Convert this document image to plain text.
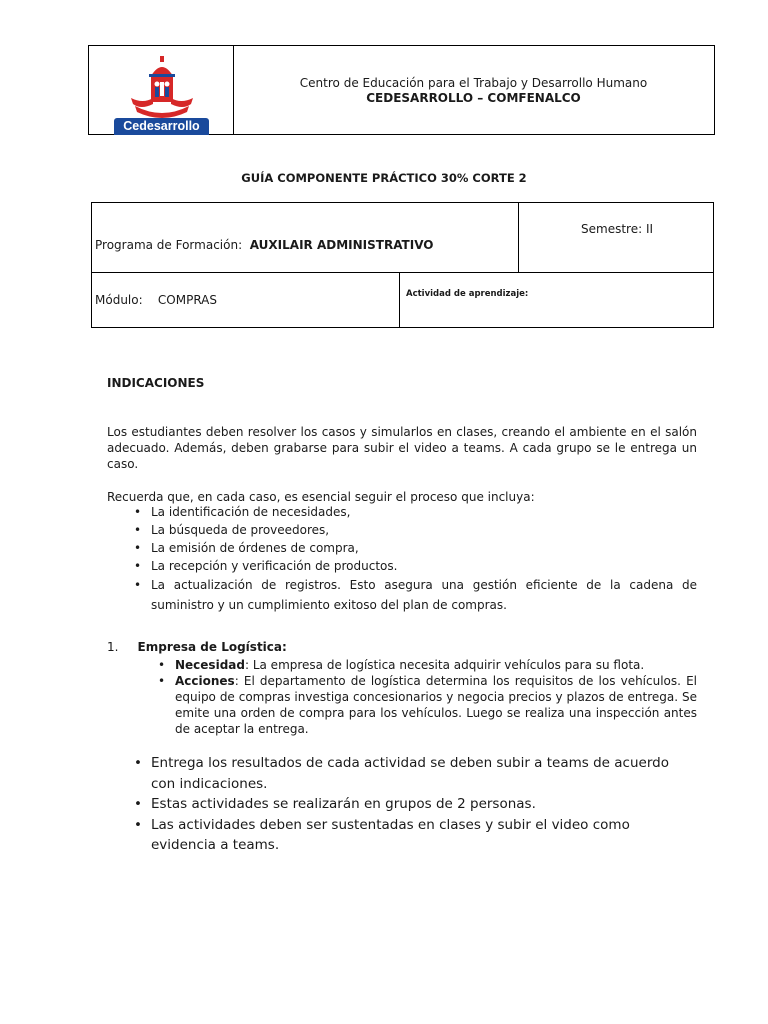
Cedesarrollo
Centro de Educación para el Trabajo y Desarrollo Humano
CEDESARROLLO – COMFENALCO
GUÍA COMPONENTE PRÁCTICO 30% CORTE 2
Programa de Formación: AUXILAIR ADMINISTRATIVO
Semestre: II
Módulo: COMPRAS	Actividad de aprendizaje:
INDICACIONES
Los estudiantes deben resolver los casos y simularlos en clases, creando el ambiente en el salón adecuado. Además, deben grabarse para subir el video a teams. A cada grupo se le entrega un caso.
Recuerda que, en cada caso, es esencial seguir el proceso que incluya:
• La identificación de necesidades,
• La búsqueda de proveedores,
• La emisión de órdenes de compra,
• La recepción y verificación de productos.
• La actualización de registros. Esto asegura una gestión eficiente de la cadena de suministro y un cumplimiento exitoso del plan de compras.
1. Empresa de Logística:
• Necesidad: La empresa de logística necesita adquirir vehículos para su flota.
• Acciones: El departamento de logística determina los requisitos de los vehículos. El equipo de compras investiga concesionarios y negocia precios y plazos de entrega. Se emite una orden de compra para los vehículos. Luego se realiza una inspección antes de aceptar la entrega.
• Entrega los resultados de cada actividad se deben subir a teams de acuerdo con indicaciones.
• Estas actividades se realizarán en grupos de 2 personas.
• Las actividades deben ser sustentadas en clases y subir el video como evidencia a teams.
